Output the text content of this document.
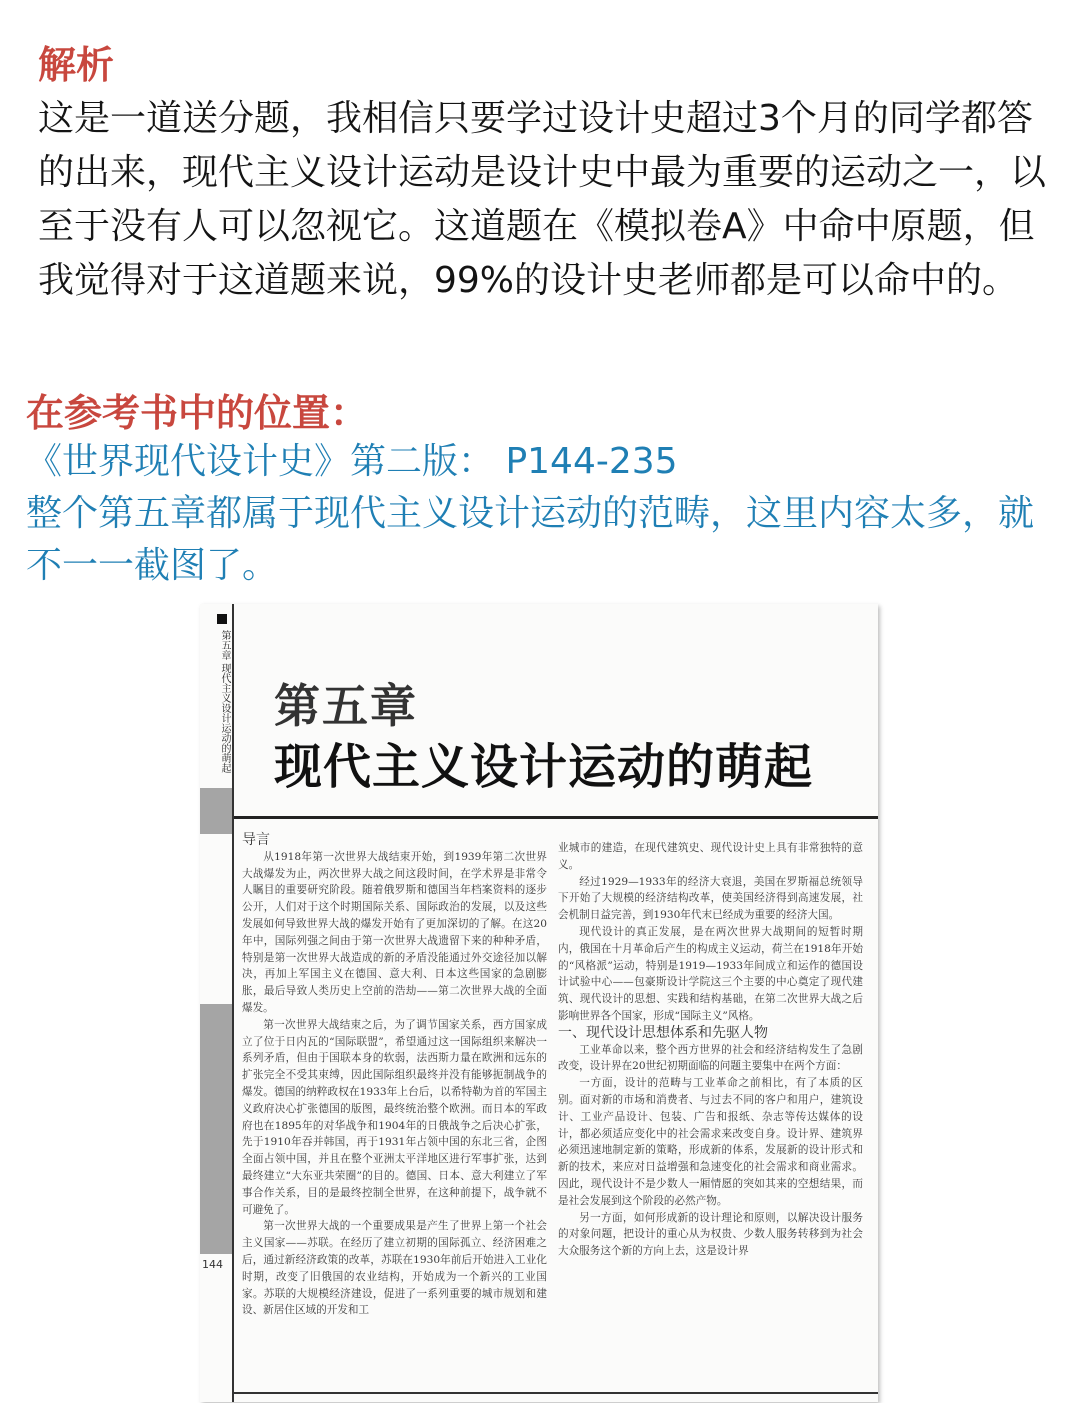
解析

这是一道送分题，我相信只要学过设计史超过3个月的同学都答的出来，现代主义设计运动是设计史中最为重要的运动之一，以至于没有人可以忽视它。这道题在《模拟卷A》中命中原题，但我觉得对于这道题来说，99%的设计史老师都是可以命中的。

在参考书中的位置：

《世界现代设计史》第二版： P144-235

整个第五章都属于现代主义设计运动的范畴，这里内容太多，就不一一截图了。

第五章 现代主义设计运动的萌起
144
第五章
现代主义设计运动的萌起

导言

从1918年第一次世界大战结束开始，到1939年第二次世界大战爆发为止，两次世界大战之间这段时间，在学术界是非常令人瞩目的重要研究阶段。随着俄罗斯和德国当年档案资料的逐步公开，人们对于这个时期国际关系、国际政治的发展，以及这些发展如何导致世界大战的爆发开始有了更加深切的了解。在这20年中，国际列强之间由于第一次世界大战遗留下来的种种矛盾，特别是第一次世界大战造成的新的矛盾没能通过外交途径加以解决，再加上军国主义在德国、意大利、日本这些国家的急剧膨胀，最后导致人类历史上空前的浩劫——第二次世界大战的全面爆发。

第一次世界大战结束之后，为了调节国家关系，西方国家成立了位于日内瓦的“国际联盟”，希望通过这一国际组织来解决一系列矛盾，但由于国联本身的软弱，法西斯力量在欧洲和远东的扩张完全不受其束缚，因此国际组织最终并没有能够扼制战争的爆发。德国的纳粹政权在1933年上台后，以希特勒为首的军国主义政府决心扩张德国的版图，最终统治整个欧洲。而日本的军政府也在1895年的对华战争和1904年的日俄战争之后决心扩张，先于1910年吞并韩国，再于1931年占领中国的东北三省，企图全面占领中国，并且在整个亚洲太平洋地区进行军事扩张，达到最终建立“大东亚共荣圈”的目的。德国、日本、意大利建立了军事合作关系，目的是最终控制全世界，在这种前提下，战争就不可避免了。

第一次世界大战的一个重要成果是产生了世界上第一个社会主义国家——苏联。在经历了建立初期的国际孤立、经济困难之后，通过新经济政策的改革，苏联在1930年前后开始进入工业化时期，改变了旧俄国的农业结构，开始成为一个新兴的工业国家。苏联的大规模经济建设，促进了一系列重要的城市规划和建设、新居住区域的开发和工

业城市的建造，在现代建筑史、现代设计史上具有非常独特的意义。

经过1929—1933年的经济大衰退，美国在罗斯福总统领导下开始了大规模的经济结构改革，使美国经济得到高速发展，社会机制日益完善，到1930年代末已经成为重要的经济大国。

现代设计的真正发展，是在两次世界大战期间的短暂时期内，俄国在十月革命后产生的构成主义运动，荷兰在1918年开始的“风格派”运动，特别是1919—1933年间成立和运作的德国设计试验中心——包豪斯设计学院这三个主要的中心奠定了现代建筑、现代设计的思想、实践和结构基础，在第二次世界大战之后影响世界各个国家，形成“国际主义”风格。

一、现代设计思想体系和先驱人物

工业革命以来，整个西方世界的社会和经济结构发生了急剧改变，设计界在20世纪初期面临的问题主要集中在两个方面：

一方面，设计的范畴与工业革命之前相比，有了本质的区别。面对新的市场和消费者、与过去不同的客户和用户，建筑设计、工业产品设计、包装、广告和报纸、杂志等传达媒体的设计，都必须适应变化中的社会需求来改变自身。设计界、建筑界必须迅速地制定新的策略，形成新的体系，发展新的设计形式和新的技术，来应对日益增强和急速变化的社会需求和商业需求。因此，现代设计不是少数人一厢情愿的突如其来的空想结果，而是社会发展到这个阶段的必然产物。

另一方面，如何形成新的设计理论和原则，以解决设计服务的对象问题，把设计的重心从为权贵、少数人服务转移到为社会大众服务这个新的方向上去，这是设计界
